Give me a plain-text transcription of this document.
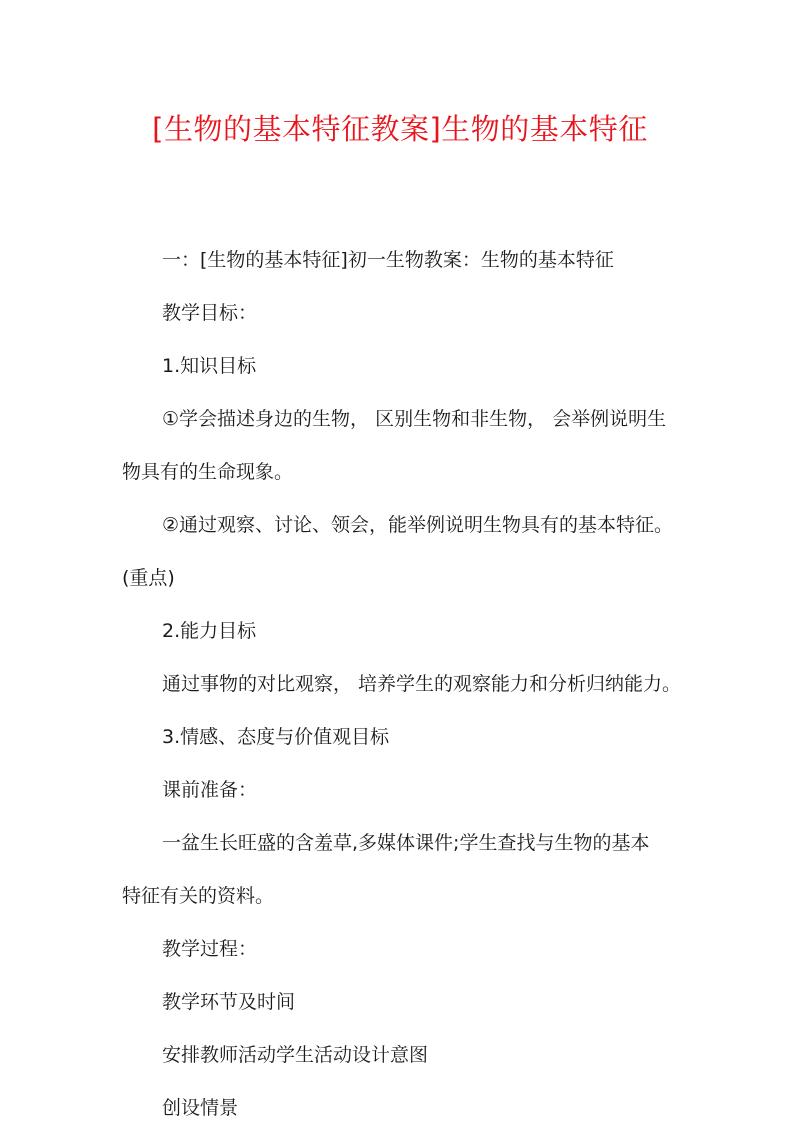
[生物的基本特征教案]生物的基本特征
一：[生物的基本特征]初一生物教案：生物的基本特征
教学目标：
1.知识目标
①学会描述身边的生物， 区别生物和非生物， 会举例说明生
物具有的生命现象。
②通过观察、讨论、领会，能举例说明生物具有的基本特征。
(重点)
2.能力目标
通过事物的对比观察， 培养学生的观察能力和分析归纳能力。
3.情感、态度与价值观目标
课前准备：
一盆生长旺盛的含羞草,多媒体课件;学生查找与生物的基本
特征有关的资料。
教学过程：
教学环节及时间
安排教师活动学生活动设计意图
创设情景
